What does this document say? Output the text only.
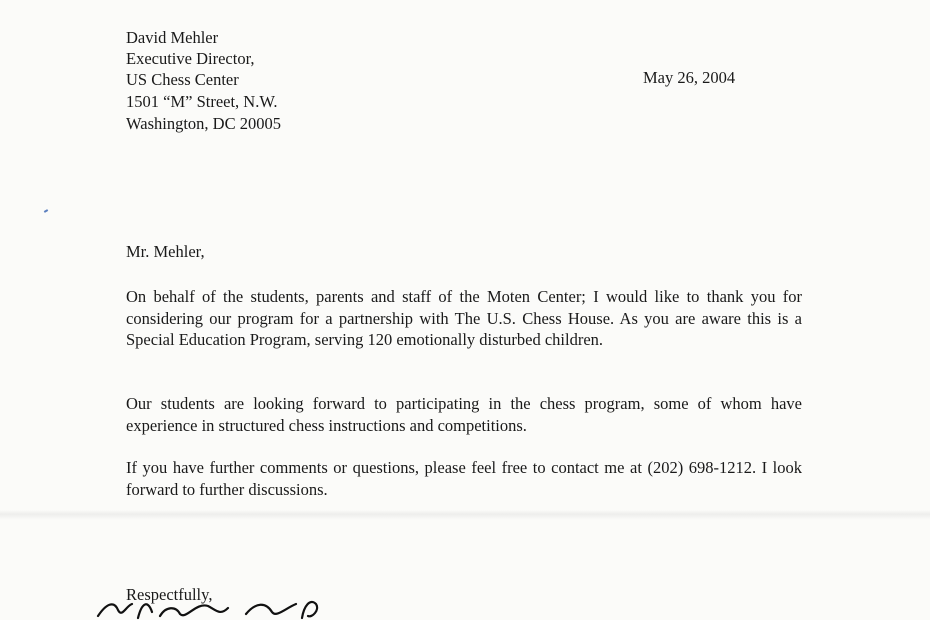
David Mehler
Executive Director,
US Chess Center
1501 “M” Street, N.W.
Washington, DC 20005
May 26, 2004
Mr. Mehler,
On behalf of the students, parents and staff of the Moten Center; I would like to thank you for considering our program for a partnership with The U.S. Chess House. As you are aware this is a Special Education Program, serving 120 emotionally disturbed children.
Our students are looking forward to participating in the chess program, some of whom have experience in structured chess instructions and competitions.
If you have further comments or questions, please feel free to contact me at (202) 698-1212. I look forward to further discussions.
Respectfully,
